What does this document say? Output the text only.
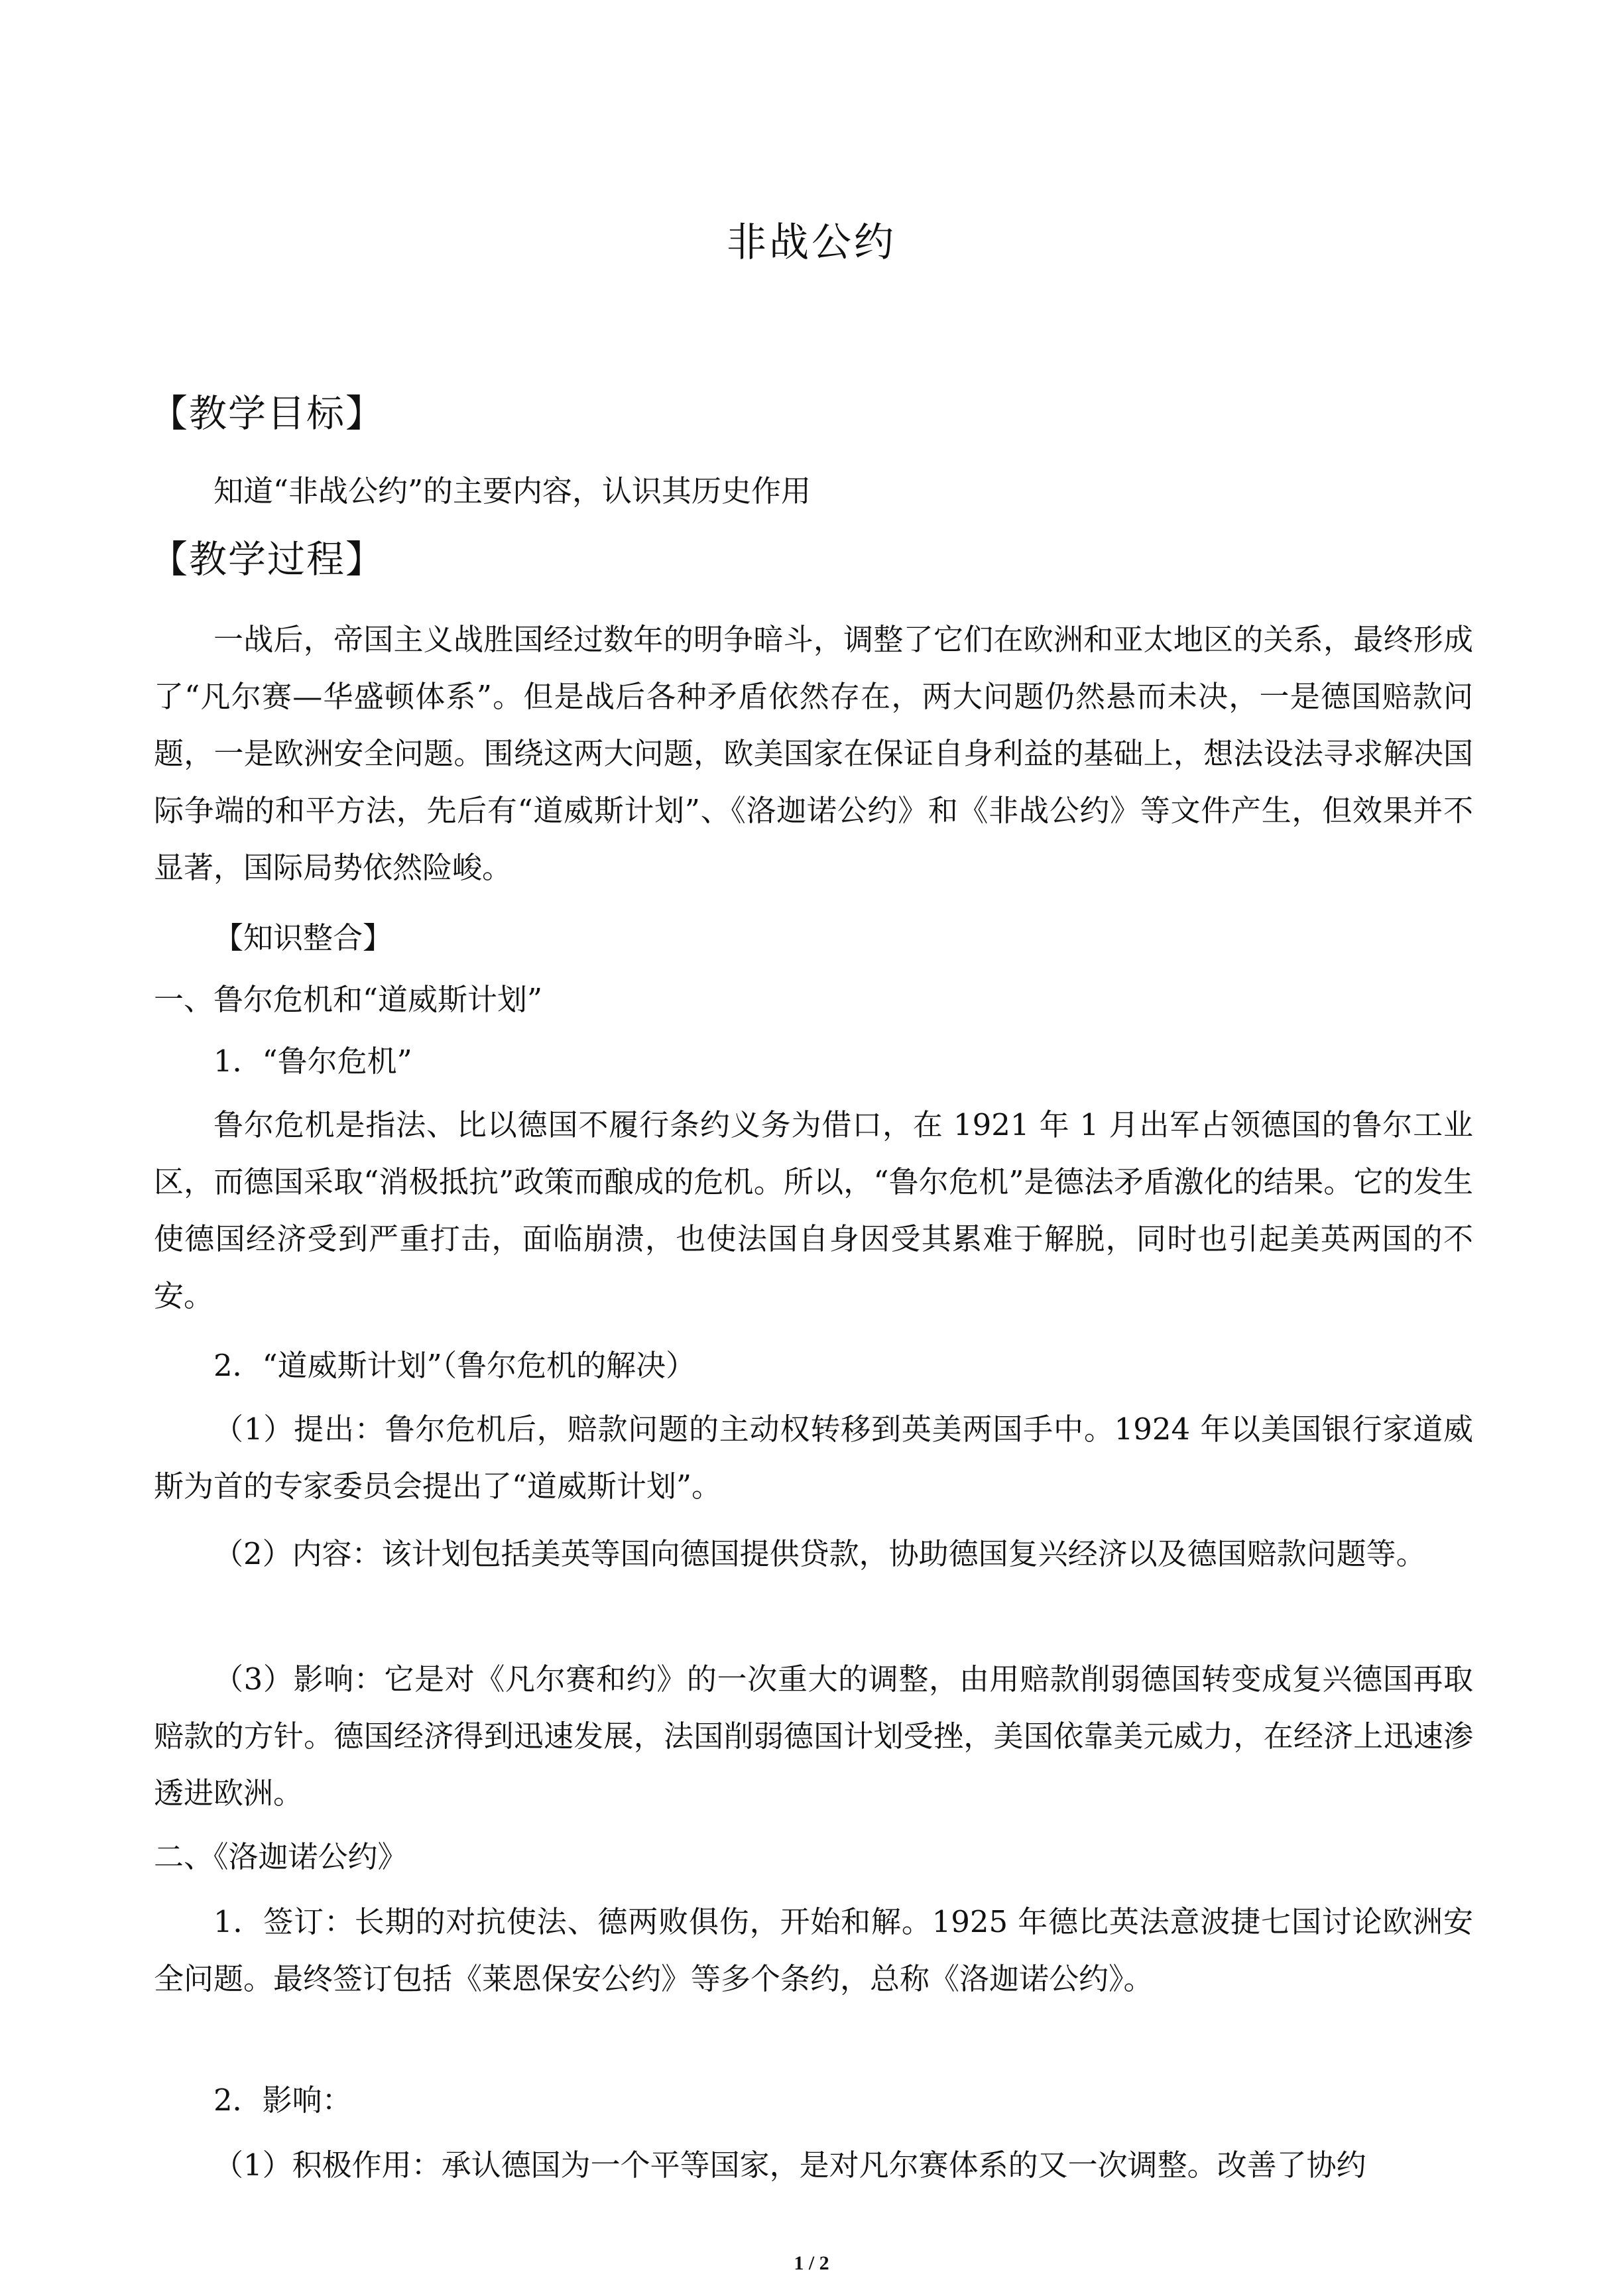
非战公约
【教学目标】
知道“非战公约”的主要内容，认识其历史作用
【教学过程】
一战后，帝国主义战胜国经过数年的明争暗斗，调整了它们在欧洲和亚太地区的关系，最终形成了“凡尔赛—华盛顿体系”。但是战后各种矛盾依然存在，两大问题仍然悬而未决，一是德国赔款问题，一是欧洲安全问题。围绕这两大问题，欧美国家在保证自身利益的基础上，想法设法寻求解决国际争端的和平方法，先后有“道威斯计划”、《洛迦诺公约》和《非战公约》等文件产生，但效果并不显著，国际局势依然险峻。
【知识整合】
一、鲁尔危机和“道威斯计划”
1．“鲁尔危机”
鲁尔危机是指法、比以德国不履行条约义务为借口，在 1921 年 1 月出军占领德国的鲁尔工业区，而德国采取“消极抵抗”政策而酿成的危机。所以，“鲁尔危机”是德法矛盾激化的结果。它的发生使德国经济受到严重打击，面临崩溃，也使法国自身因受其累难于解脱，同时也引起美英两国的不安。
2．“道威斯计划”（鲁尔危机的解决）
（1）提出：鲁尔危机后，赔款问题的主动权转移到英美两国手中。1924 年以美国银行家道威斯为首的专家委员会提出了“道威斯计划”。
（2）内容：该计划包括美英等国向德国提供贷款，协助德国复兴经济以及德国赔款问题等。
（3）影响：它是对《凡尔赛和约》的一次重大的调整，由用赔款削弱德国转变成复兴德国再取赔款的方针。德国经济得到迅速发展，法国削弱德国计划受挫，美国依靠美元威力，在经济上迅速渗透进欧洲。
二、《洛迦诺公约》
1．签订：长期的对抗使法、德两败俱伤，开始和解。1925 年德比英法意波捷七国讨论欧洲安全问题。最终签订包括《莱恩保安公约》等多个条约，总称《洛迦诺公约》。
2．影响：
（1）积极作用：承认德国为一个平等国家，是对凡尔赛体系的又一次调整。改善了协约
1 / 2
